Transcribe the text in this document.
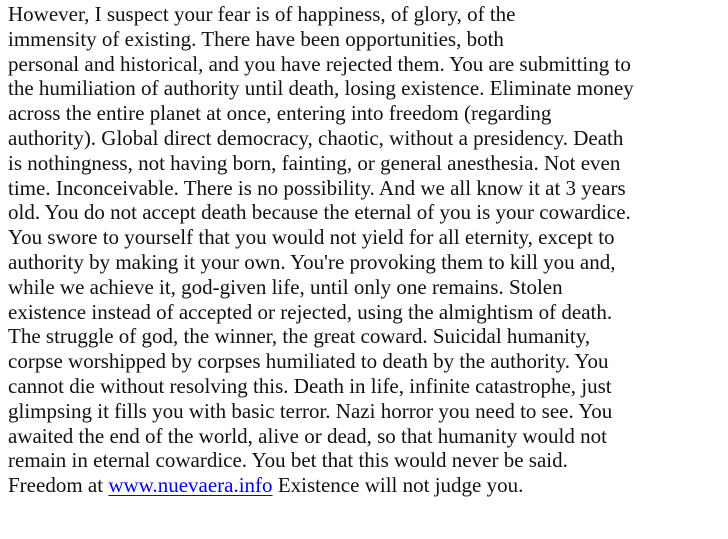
However, I suspect your fear is of happiness, of glory, of the
immensity of existing. There have been opportunities, both
personal and historical, and you have rejected them. You are submitting to
the humiliation of authority until death, losing existence. Eliminate money
across the entire planet at once, entering into freedom (regarding
authority). Global direct democracy, chaotic, without a presidency. Death
is nothingness, not having born, fainting, or general anesthesia. Not even
time. Inconceivable. There is no possibility. And we all know it at 3 years
old. You do not accept death because the eternal of you is your cowardice.
You swore to yourself that you would not yield for all eternity, except to
authority by making it your own. You're provoking them to kill you and,
while we achieve it, god-given life, until only one remains. Stolen
existence instead of accepted or rejected, using the almightism of death.
The struggle of god, the winner, the great coward. Suicidal humanity,
corpse worshipped by corpses humiliated to death by the authority. You
cannot die without resolving this. Death in life, infinite catastrophe, just
glimpsing it fills you with basic terror. Nazi horror you need to see. You
awaited the end of the world, alive or dead, so that humanity would not
remain in eternal cowardice. You bet that this would never be said.
Freedom at www.nuevaera.info Existence will not judge you.
